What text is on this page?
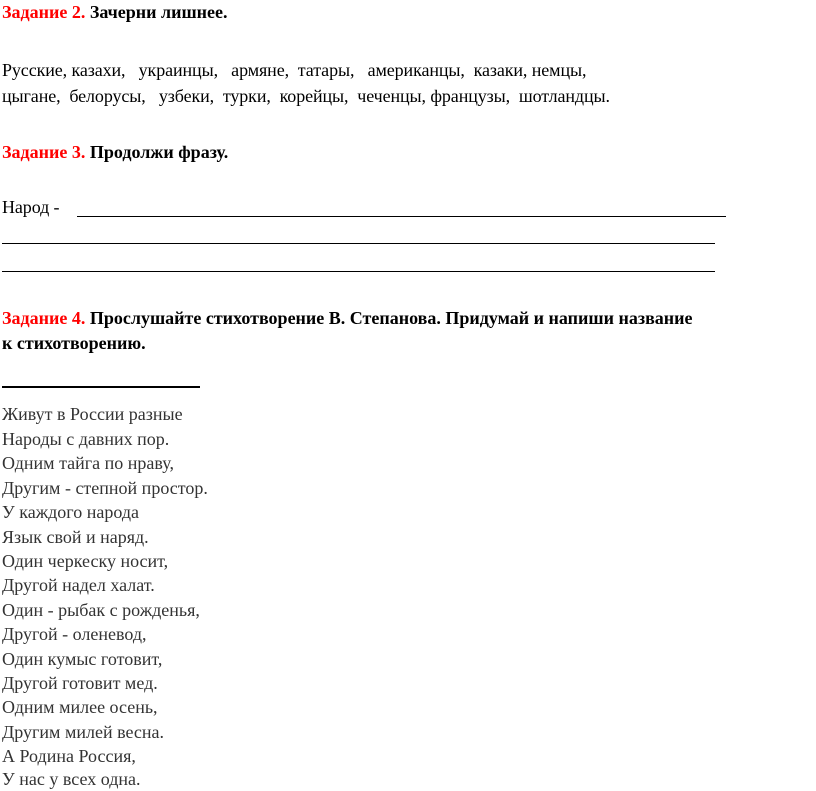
Задание 2. Зачерни лишнее.
Русские, казахи,   украинцы,   армяне,  татары,   американцы,  казаки, немцы,
цыгане,  белорусы,   узбеки,  турки,  корейцы,  чеченцы, французы,  шотландцы.
Задание 3. Продолжи фразу.
Народ -
Задание 4. Прослушайте стихотворение В. Степанова. Придумай и напиши название
к стихотворению.
Живут в России разные
Народы с давних пор.
Одним тайга по нраву,
Другим - степной простор.
У каждого народа
Язык свой и наряд.
Один черкеску носит,
Другой надел халат.
Один - рыбак с рожденья,
Другой - оленевод,
Один кумыс готовит,
Другой готовит мед.
Одним милее осень,
Другим милей весна.
А Родина Россия,
У нас у всех одна.
